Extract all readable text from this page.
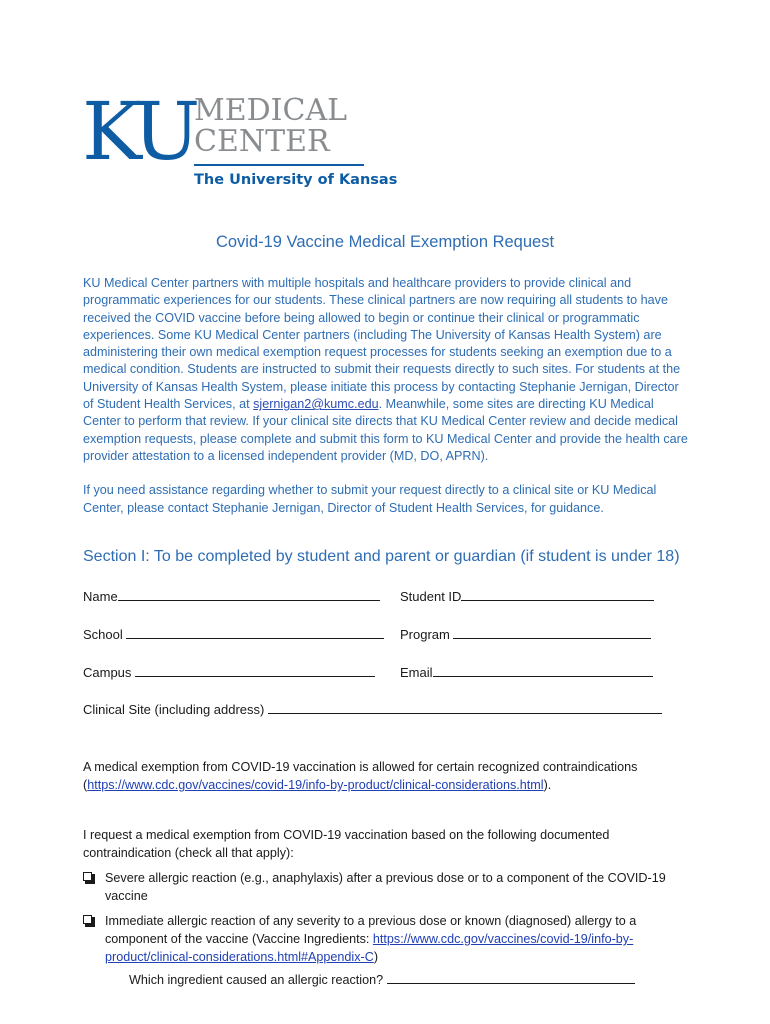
KU MEDICAL
CENTER
The University of Kansas
Covid-19 Vaccine Medical Exemption Request

KU Medical Center partners with multiple hospitals and healthcare providers to provide clinical and programmatic experiences for our students. These clinical partners are now requiring all students to have received the COVID vaccine before being allowed to begin or continue their clinical or programmatic experiences. Some KU Medical Center partners (including The University of Kansas Health System) are administering their own medical exemption request processes for students seeking an exemption due to a medical condition. Students are instructed to submit their requests directly to such sites. For students at the University of Kansas Health System, please initiate this process by contacting Stephanie Jernigan, Director of Student Health Services, at sjernigan2@kumc.edu. Meanwhile, some sites are directing KU Medical Center to perform that review. If your clinical site directs that KU Medical Center review and decide medical exemption requests, please complete and submit this form to KU Medical Center and provide the health care provider attestation to a licensed independent provider (MD, DO, APRN).

If you need assistance regarding whether to submit your request directly to a clinical site or KU Medical Center, please contact Stephanie Jernigan, Director of Student Health Services, for guidance.

Section I: To be completed by student and parent or guardian (if student is under 18)
Name	Student ID
School	Program
Campus	Email
Clinical Site (including address)
A medical exemption from COVID-19 vaccination is allowed for certain recognized contraindications
(https://www.cdc.gov/vaccines/covid-19/info-by-product/clinical-considerations.html).
I request a medical exemption from COVID-19 vaccination based on the following documented contraindication (check all that apply):
Severe allergic reaction (e.g., anaphylaxis) after a previous dose or to a component of the COVID-19 vaccine
Immediate allergic reaction of any severity to a previous dose or known (diagnosed) allergy to a component of the vaccine (Vaccine Ingredients: https://www.cdc.gov/vaccines/covid-19/info-by-product/clinical-considerations.html#Appendix-C)
Which ingredient caused an allergic reaction?
